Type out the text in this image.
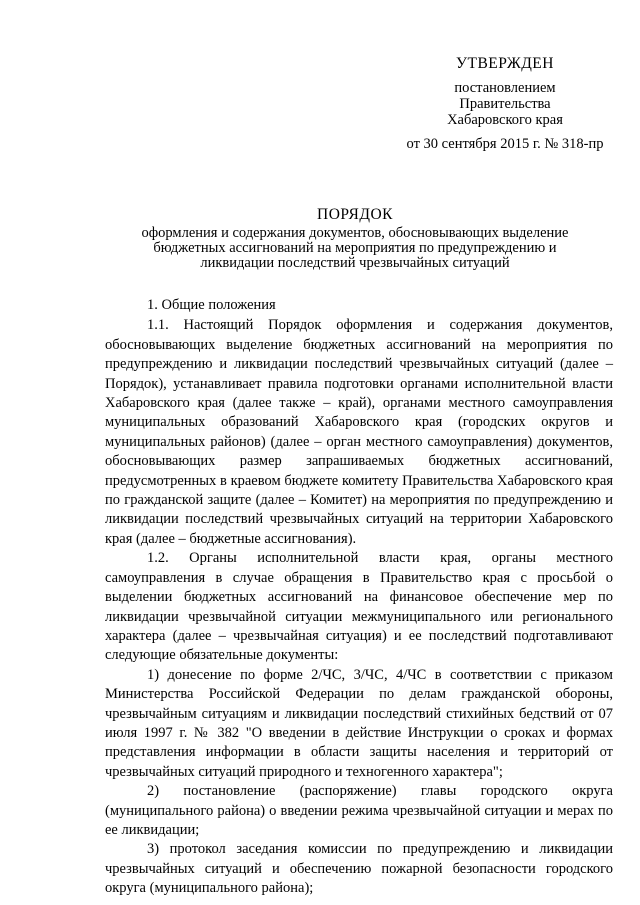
УТВЕРЖДЕН
постановлением
Правительства
Хабаровского края
от 30 сентября 2015 г. № 318-пр
ПОРЯДОК
оформления и содержания документов, обосновывающих выделение
бюджетных ассигнований на мероприятия по предупреждению и
ликвидации последствий чрезвычайных ситуаций

1. Общие положения

1.1. Настоящий Порядок оформления и содержания документов, обосновывающих выделение бюджетных ассигнований на мероприятия по предупреждению и ликвидации последствий чрезвычайных ситуаций (далее – Порядок), устанавливает правила подготовки органами исполнительной власти Хабаровского края (далее также – край), органами местного самоуправления муниципальных образований Хабаровского края (городских округов и муниципальных районов) (далее – орган местного самоуправления) документов, обосновывающих размер запрашиваемых бюджетных ассигнований, предусмотренных в краевом бюджете комитету Правительства Хабаровского края по гражданской защите (далее – Комитет) на мероприятия по предупреждению и ликвидации последствий чрезвычайных ситуаций на территории Хабаровского края (далее – бюджетные ассигнования).

1.2. Органы исполнительной власти края, органы местного самоуправления в случае обращения в Правительство края с просьбой о выделении бюджетных ассигнований на финансовое обеспечение мер по ликвидации чрезвычайной ситуации межмуниципального или регионального характера (далее – чрезвычайная ситуация) и ее последствий подготавливают следующие обязательные документы:

1) донесение по форме 2/ЧС, 3/ЧС, 4/ЧС в соответствии с приказом Министерства Российской Федерации по делам гражданской обороны, чрезвычайным ситуациям и ликвидации последствий стихийных бедствий от 07 июля 1997 г. № 382 "О введении в действие Инструкции о сроках и формах представления информации в области защиты населения и территорий от чрезвычайных ситуаций природного и техногенного характера";

2) постановление (распоряжение) главы городского округа (муниципального района) о введении режима чрезвычайной ситуации и мерах по ее ликвидации;

3) протокол заседания комиссии по предупреждению и ликвидации чрезвычайных ситуаций и обеспечению пожарной безопасности городского округа (муниципального района);
